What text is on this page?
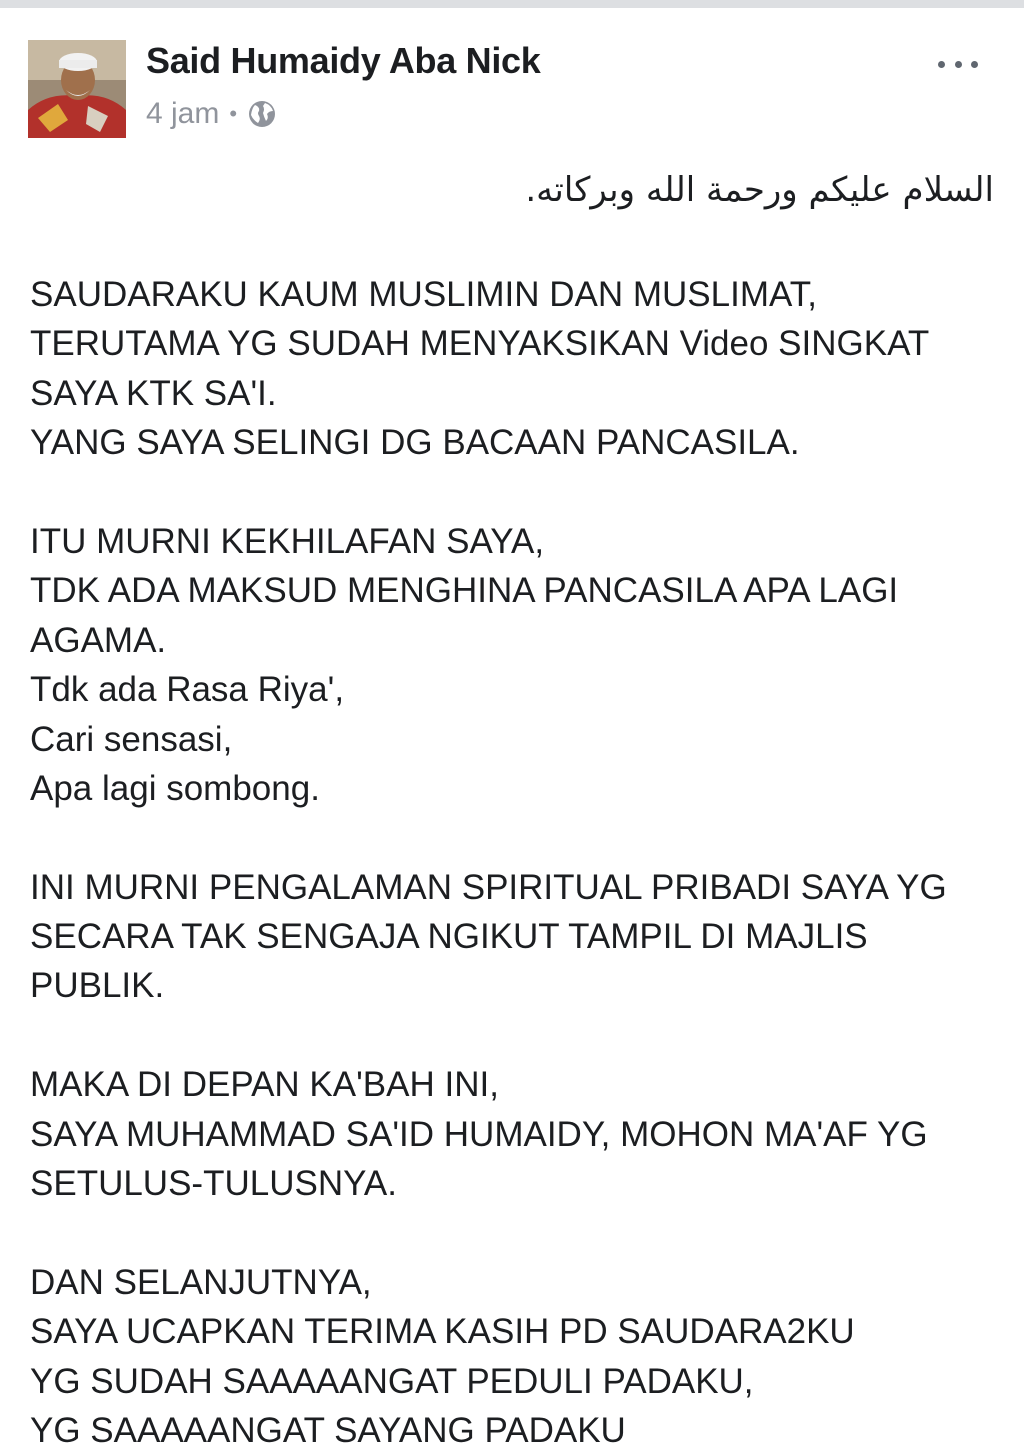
Said Humaidy Aba Nick
4 jam •
السلام عليكم ورحمة الله وبركاته.
SAUDARAKU KAUM MUSLIMIN DAN MUSLIMAT,
TERUTAMA YG SUDAH MENYAKSIKAN Video SINGKAT
SAYA KTK SA'I.
YANG SAYA SELINGI DG BACAAN PANCASILA.
ITU MURNI KEKHILAFAN SAYA,
TDK ADA MAKSUD MENGHINA PANCASILA APA LAGI
AGAMA.
Tdk ada Rasa Riya',
Cari sensasi,
Apa lagi sombong.
INI MURNI PENGALAMAN SPIRITUAL PRIBADI SAYA YG
SECARA TAK SENGAJA NGIKUT TAMPIL DI MAJLIS
PUBLIK.
MAKA DI DEPAN KA'BAH INI,
SAYA MUHAMMAD SA'ID HUMAIDY, MOHON MA'AF YG
SETULUS-TULUSNYA.
DAN SELANJUTNYA,
SAYA UCAPKAN TERIMA KASIH PD SAUDARA2KU
YG SUDAH SAAAAANGAT PEDULI PADAKU,
YG SAAAAANGAT SAYANG PADAKU
